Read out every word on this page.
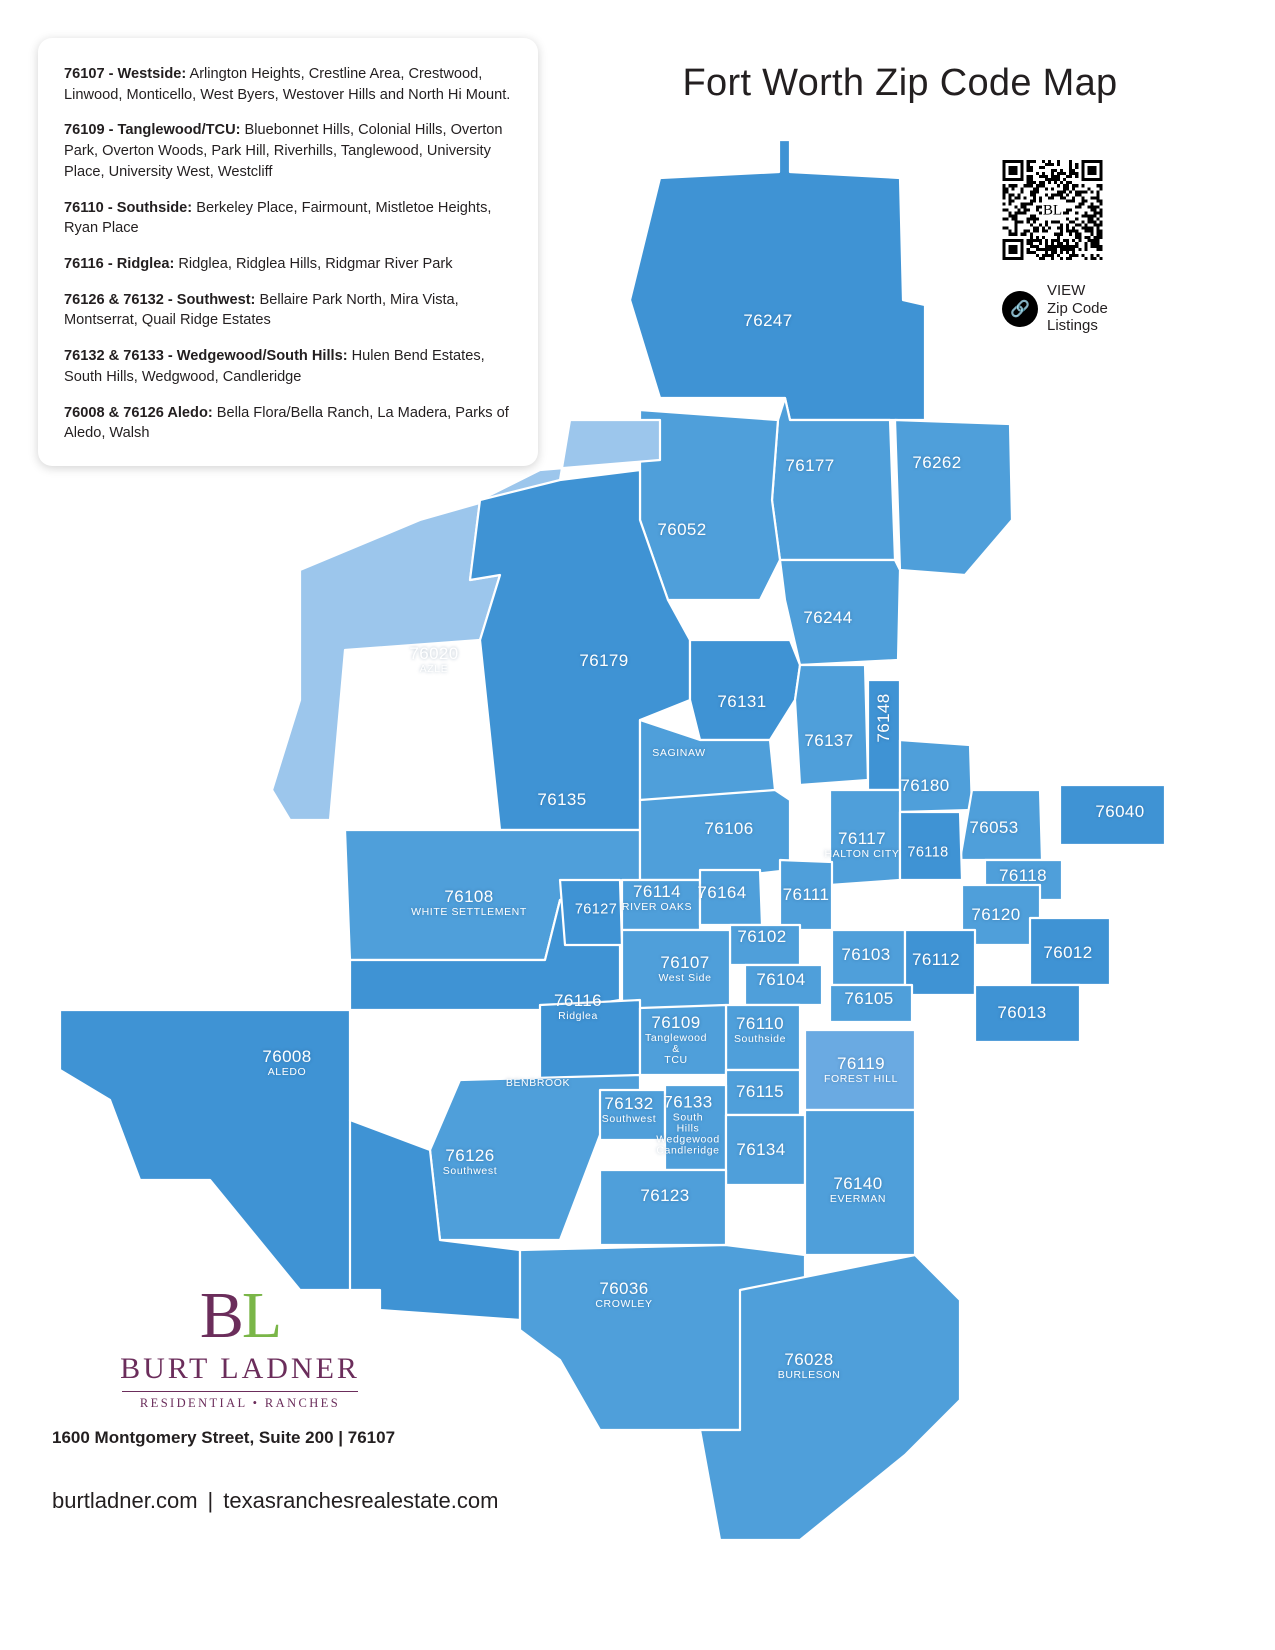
76247
76177	76262
76052
76244
76020
AZLE	76179
76131
76137 76148
SAGINAW
76180
76135
76053
76040
76106
76117
HALTON CITY 76118
76118
76108
WHITE SETTLEMENT	76127
76114
RIVER OAKS
76164 76111
76120
76102
76103 76112	76012
76107
West Side	76104
76105
76116
Ridglea	76013
76110
Southside
76109
Tanglewood
&
TCU
76008
ALEDO	76119
FOREST HILL
BENBROOK	76115
76132
Southwest
76133
South
Hills
Wedgewood
Candleridge 76134
76126
Southwest
76140
EVERMAN
76123
76036
CROWLEY
76028
BURLESON
Fort Worth Zip Code Map
76107 - Westside: Arlington Heights, Crestline Area, Crestwood, Linwood, Monticello, West Byers, Westover Hills and North Hi Mount.
76109 - Tanglewood/TCU: Bluebonnet Hills, Colonial Hills, Overton Park, Overton Woods, Park Hill, Riverhills, Tanglewood, University Place, University West, Westcliff
76110 - Southside: Berkeley Place, Fairmount, Mistletoe Heights, Ryan Place
76116 - Ridglea: Ridglea, Ridglea Hills, Ridgmar River Park
76126 & 76132 - Southwest: Bellaire Park North, Mira Vista, Montserrat, Quail Ridge Estates
76132 & 76133 - Wedgewood/South Hills: Hulen Bend Estates, South Hills, Wedgwood, Candleridge
76008 & 76126 Aledo: Bella Flora/Bella Ranch, La Madera, Parks of Aledo, Walsh
BL
🔗
VIEW
Zip Code
Listings
BL
BURT LADNER
RESIDENTIAL • RANCHES
1600 Montgomery Street, Suite 200 | 76107
burtladner.com | texasranchesrealestate.com
